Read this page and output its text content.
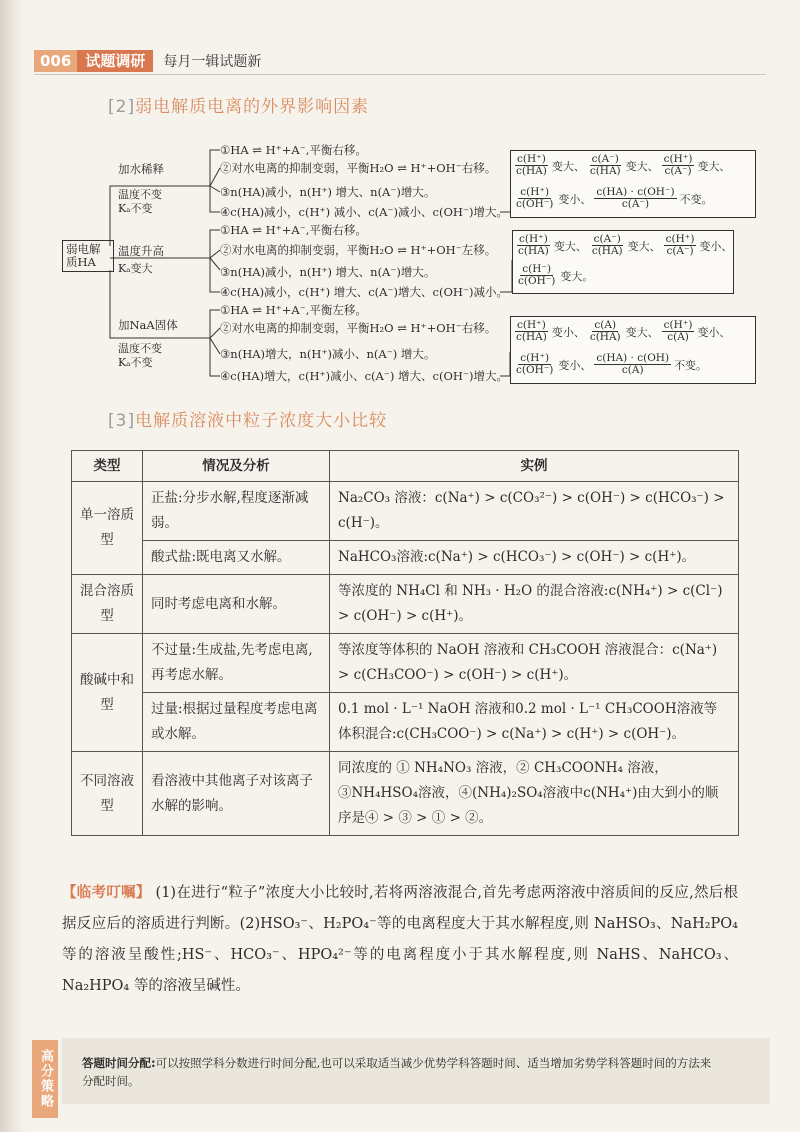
006 试题调研	每月一辑试题新
[2]弱电解质电离的外界影响因素
弱电解质HA
加水稀释
温度不变
Kₐ不变
①HA ⇌ H⁺+A⁻,平衡右移。
②对水电离的抑制变弱，平衡H₂O ⇌ H⁺+OH⁻右移。
③n(HA)减小，n(H⁺) 增大、n(A⁻)增大。
④c(HA)减小，c(H⁺) 减小、c(A⁻)减小、c(OH⁻)增大。
$\frac{c(H^+)}{c(HA)}$ 变大、 $\frac{c(A^-)}{c(HA)}$ 变大、 $\frac{c(H^+)}{c(A^-)}$ 变大、
$\frac{c(H^+)}{c(OH^-)}$ 变小、 $\frac{c(HA) \cdot c(OH^-)}{c(A^-)}$ 不变。
温度升高
Kₐ变大
①HA ⇌ H⁺+A⁻,平衡右移。
②对水电离的抑制变弱，平衡H₂O ⇌ H⁺+OH⁻左移。
③n(HA)减小，n(H⁺) 增大、n(A⁻)增大。
④c(HA)减小，c(H⁺) 增大、c(A⁻)增大、c(OH⁻)减小。
$\frac{c(H^+)}{c(HA)}$ 变大、 $\frac{c(A^-)}{c(HA)}$ 变大、 $\frac{c(H^+)}{c(A^-)}$ 变小、
$\frac{c(H^-)}{c(OH^-)}$ 变大。
加NaA固体
温度不变
Kₐ不变
①HA ⇌ H⁺+A⁻,平衡左移。
②对水电离的抑制变弱，平衡H₂O ⇌ H⁺+OH⁻右移。
③n(HA)增大，n(H⁺)减小、n(A⁻) 增大。
④c(HA)增大，c(H⁺)减小、c(A⁻) 增大、c(OH⁻)增大。
$\frac{c(H^+)}{c(HA)}$ 变小、 $\frac{c(A)}{c(HA)}$ 变大、 $\frac{c(H^+)}{c(A)}$ 变小、
$\frac{c(H^+)}{c(OH^-)}$ 变小、 $\frac{c(HA) \cdot c(OH)}{c(A)}$ 不变。
[3]电解质溶液中粒子浓度大小比较
类型	情况及分析	实例
单一溶质型	正盐:分步水解,程度逐渐减弱。	Na₂CO₃ 溶液：c(Na⁺) > c(CO₃²⁻) > c(OH⁻) > c(HCO₃⁻) > c(H⁻)。
	酸式盐:既电离又水解。	NaHCO₃溶液:c(Na⁺) > c(HCO₃⁻) > c(OH⁻) > c(H⁺)。
混合溶质型	同时考虑电离和水解。	等浓度的 NH₄Cl 和 NH₃ · H₂O 的混合溶液:c(NH₄⁺) > c(Cl⁻) > c(OH⁻) > c(H⁺)。
酸碱中和型	不过量:生成盐,先考虑电离,再考虑水解。	等浓度等体积的 NaOH 溶液和 CH₃COOH 溶液混合：c(Na⁺) > c(CH₃COO⁻) > c(OH⁻) > c(H⁺)。
	过量:根据过量程度考虑电离或水解。	0.1 mol · L⁻¹ NaOH 溶液和0.2 mol · L⁻¹ CH₃COOH溶液等体积混合:c(CH₃COO⁻) > c(Na⁺) > c(H⁺) > c(OH⁻)。
不同溶液型	看溶液中其他离子对该离子水解的影响。	同浓度的 ① NH₄NO₃ 溶液，② CH₃COONH₄ 溶液，③NH₄HSO₄溶液，④(NH₄)₂SO₄溶液中c(NH₄⁺)由大到小的顺序是④ > ③ > ① > ②。
【临考叮嘱】 (1)在进行“粒子”浓度大小比较时,若将两溶液混合,首先考虑两溶液中溶质间的反应,然后根据反应后的溶质进行判断。(2)HSO₃⁻、H₂PO₄⁻等的电离程度大于其水解程度,则 NaHSO₃、NaH₂PO₄ 等的溶液呈酸性;HS⁻、HCO₃⁻、HPO₄²⁻等的电离程度小于其水解程度,则 NaHS、NaHCO₃、Na₂HPO₄ 等的溶液呈碱性。
高分策略	答题时间分配:可以按照学科分数进行时间分配,也可以采取适当减少优势学科答题时间、适当增加劣势学科答题时间的方法来分配时间。
